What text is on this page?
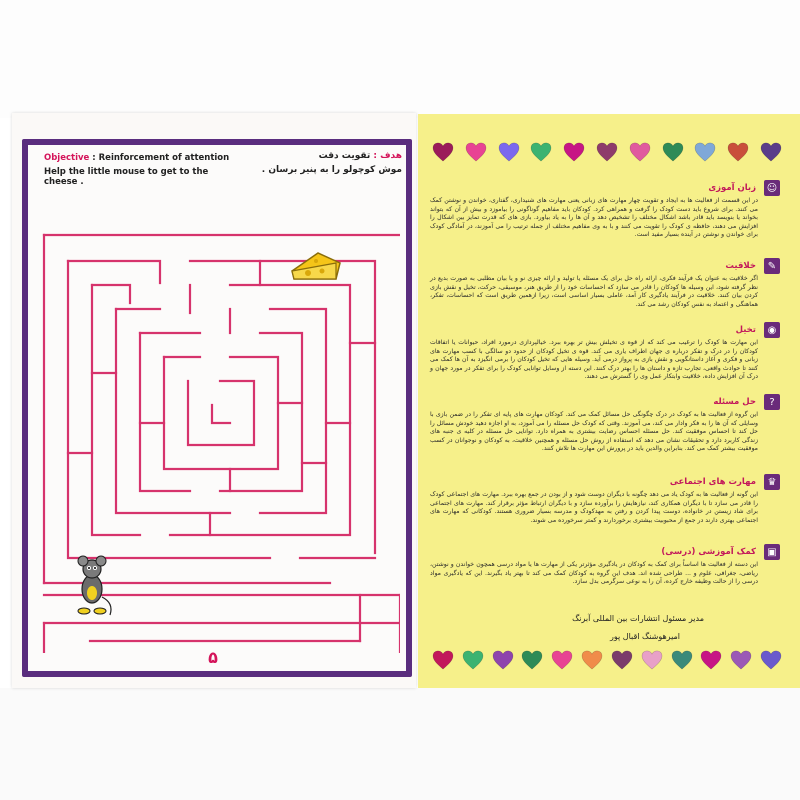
Objective : Reinforcement of attention
Help the little mouse to get to the cheese .
هدف : تقویت دقت
موش کوچولو را به پنیر برسان .
۵
☺
زبان آموزی
در این قسمت از فعالیت ها به ایجاد و تقویت چهار مهارت های زبانی یعنی مهارت های شنیداری، گفتاری، خواندن و نوشتن کمک می کنند. برای شروع باید دست کودک را گرفت و همراهی کرد. کودکان باید مفاهیم گوناگونی را بیاموزد و بیش از آن که بتواند بخواند یا بنویسد باید قادر باشد اشکال مختلف را تشخیص دهد و آن ها را به یاد بیاورد. بازی های که قدرت تمایز بین اشکال را افزایش می دهند، حافظه ی کودک را تقویت می کنند و با به وی مفاهیم مختلف از جمله ترتیب را می آموزند، در آمادگی کودک برای خواندن و نوشتن در آینده بسیار مفید است.
✎
خلاقیت
اگر خلاقیت به عنوان یک فرآیند فکری، ارائه راه حل برای یک مسئله یا تولید و ارائه چیزی نو و یا بیان مطلبی به صورت بدیع در نظر گرفته شود، این وسیله ها کودکان را قادر می سازد که احساسات خود را از طریق هنر، موسیقی، حرکت، تخیل و نقش بازی کردن بیان کنند. خلاقیت در فرآیند یادگیری کار آمد، عاملی بسیار اساسی است، زیرا ازهمین طریق است که احساسات، تفکر، هماهنگی و اعتماد به نفس کودکان رشد می کند.
◉
تخیل
این مهارت ها کودک را ترغیب می کند که از قوه ی تخیلش بیش تر بهره ببرد. خیالپردازی درمورد افراد، حیوانات یا اتفاقات کودکان را در درک و تفکر درباره ی جهان اطراف یاری می کند. قوه ی تخیل کودکان از حدود دو سالگی با کسب مهارت های زبانی و فکری و آغاز داستانگویی و نقش بازی به پرواز درمی آید. وسیله هایی که تخیل کودکان را برمی انگیزد به آن ها کمک می کنند تا حوادث واقعی، تجارب تازه و داستان ها را بهتر درک کنند. این دسته از وسایل توانایی کودک را برای تفکر در مورد جهان و درک آن افزایش داده، خلاقیت وابتکار عمل وی را گسترش می دهند.
?
حل مسئله
این گروه از فعالیت ها به کودک در درک چگونگی حل مسائل کمک می کند. کودکان مهارت های پایه ای تفکر را در ضمن بازی با وسایلی که آن ها را به فکر وادار می کند، می آموزند. وقتی که کودک حل مسئله را می آموزد، به او اجازه دهید خودش مسائل را حل کند تا احساس موفقیت کند. حل مسئله احساس رضایت بیشتری به همراه دارد. توانایی حل مسئله در کلیه ی جنبه های زندگی کاربرد دارد و تحقیقات نشان می دهد که استفاده از روش حل مسئله و همچنین خلاقیت، به کودکان و نوجوانان در کسب موفقیت بیشتر کمک می کند. بنابراین والدین باید در پرورش این مهارت ها تلاش کنند.
♛
مهارت های اجتماعی
این گونه از فعالیت ها به کودک یاد می دهد چگونه با دیگران دوست شود و از بودن در جمع بهره ببرد. مهارت های اجتماعی کودک را قادر می سازد تا با دیگران همکاری کند، نیازهایش را برآورده سازد و با دیگران ارتباط مؤثر برقرار کند. مهارت های اجتماعی برای شاد زیستن در خانواده، دوست پیدا کردن و رفتن به مهدکودک و مدرسه بسیار ضروری هستند. کودکانی که مهارت های اجتماعی بهتری دارند در جمع از محبوبیت بیشتری برخوردارند و کمتر سرخورده می شوند.
▣
کمک آموزشی (درسی)
این دسته از فعالیت ها اساساً برای کمک به کودکان در یادگیری مؤثرتر یکی از مهارت ها یا مواد درسی همچون خواندن و نوشتن، ریاضی، جغرافی، علوم و ... طراحی شده اند. هدف این گروه به کودکان کمک می کند تا بهتر یاد بگیرند. این که یادگیری مواد درسی را از حالت وظیفه خارج کرده، آن را به نوعی سرگرمی بدل سازد.
مدیر مسئول انتشارات بین المللی آبرنگ
امیرهوشنگ اقبال پور
